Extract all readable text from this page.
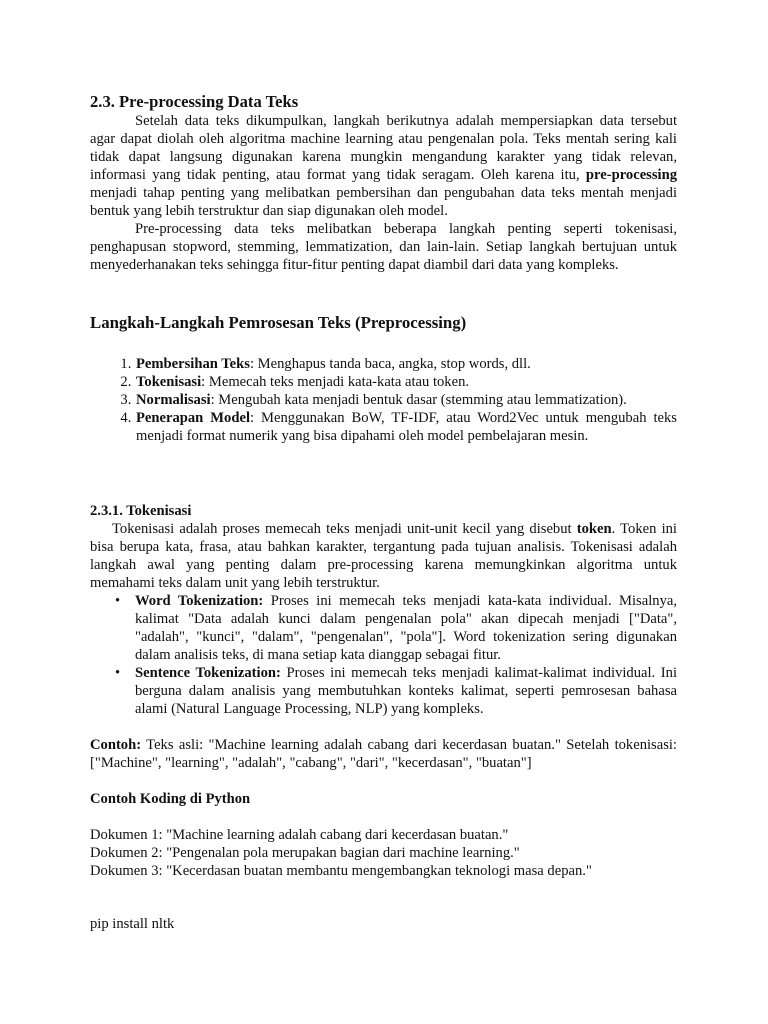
2.3. Pre-processing Data Teks

Setelah data teks dikumpulkan, langkah berikutnya adalah mempersiapkan data tersebut agar dapat diolah oleh algoritma machine learning atau pengenalan pola. Teks mentah sering kali tidak dapat langsung digunakan karena mungkin mengandung karakter yang tidak relevan, informasi yang tidak penting, atau format yang tidak seragam. Oleh karena itu, pre-processing menjadi tahap penting yang melibatkan pembersihan dan pengubahan data teks mentah menjadi bentuk yang lebih terstruktur dan siap digunakan oleh model.

Pre-processing data teks melibatkan beberapa langkah penting seperti tokenisasi, penghapusan stopword, stemming, lemmatization, dan lain-lain. Setiap langkah bertujuan untuk menyederhanakan teks sehingga fitur-fitur penting dapat diambil dari data yang kompleks.

Langkah-Langkah Pemrosesan Teks (Preprocessing)
1. Pembersihan Teks: Menghapus tanda baca, angka, stop words, dll.
2. Tokenisasi: Memecah teks menjadi kata-kata atau token.
3. Normalisasi: Mengubah kata menjadi bentuk dasar (stemming atau lemmatization).
4. Penerapan Model: Menggunakan BoW, TF-IDF, atau Word2Vec untuk mengubah teks menjadi format numerik yang bisa dipahami oleh model pembelajaran mesin.
2.3.1. Tokenisasi

Tokenisasi adalah proses memecah teks menjadi unit-unit kecil yang disebut token. Token ini bisa berupa kata, frasa, atau bahkan karakter, tergantung pada tujuan analisis. Tokenisasi adalah langkah awal yang penting dalam pre-processing karena memungkinkan algoritma untuk memahami teks dalam unit yang lebih terstruktur.

• Word Tokenization: Proses ini memecah teks menjadi kata-kata individual. Misalnya, kalimat "Data adalah kunci dalam pengenalan pola" akan dipecah menjadi ["Data", "adalah", "kunci", "dalam", "pengenalan", "pola"]. Word tokenization sering digunakan dalam analisis teks, di mana setiap kata dianggap sebagai fitur.
• Sentence Tokenization: Proses ini memecah teks menjadi kalimat-kalimat individual. Ini berguna dalam analisis yang membutuhkan konteks kalimat, seperti pemrosesan bahasa alami (Natural Language Processing, NLP) yang kompleks.

Contoh: Teks asli: "Machine learning adalah cabang dari kecerdasan buatan." Setelah tokenisasi: ["Machine", "learning", "adalah", "cabang", "dari", "kecerdasan", "buatan"]

Contoh Koding di Python
Dokumen 1: "Machine learning adalah cabang dari kecerdasan buatan."
Dokumen 2: "Pengenalan pola merupakan bagian dari machine learning."
Dokumen 3: "Kecerdasan buatan membantu mengembangkan teknologi masa depan."
pip install nltk
